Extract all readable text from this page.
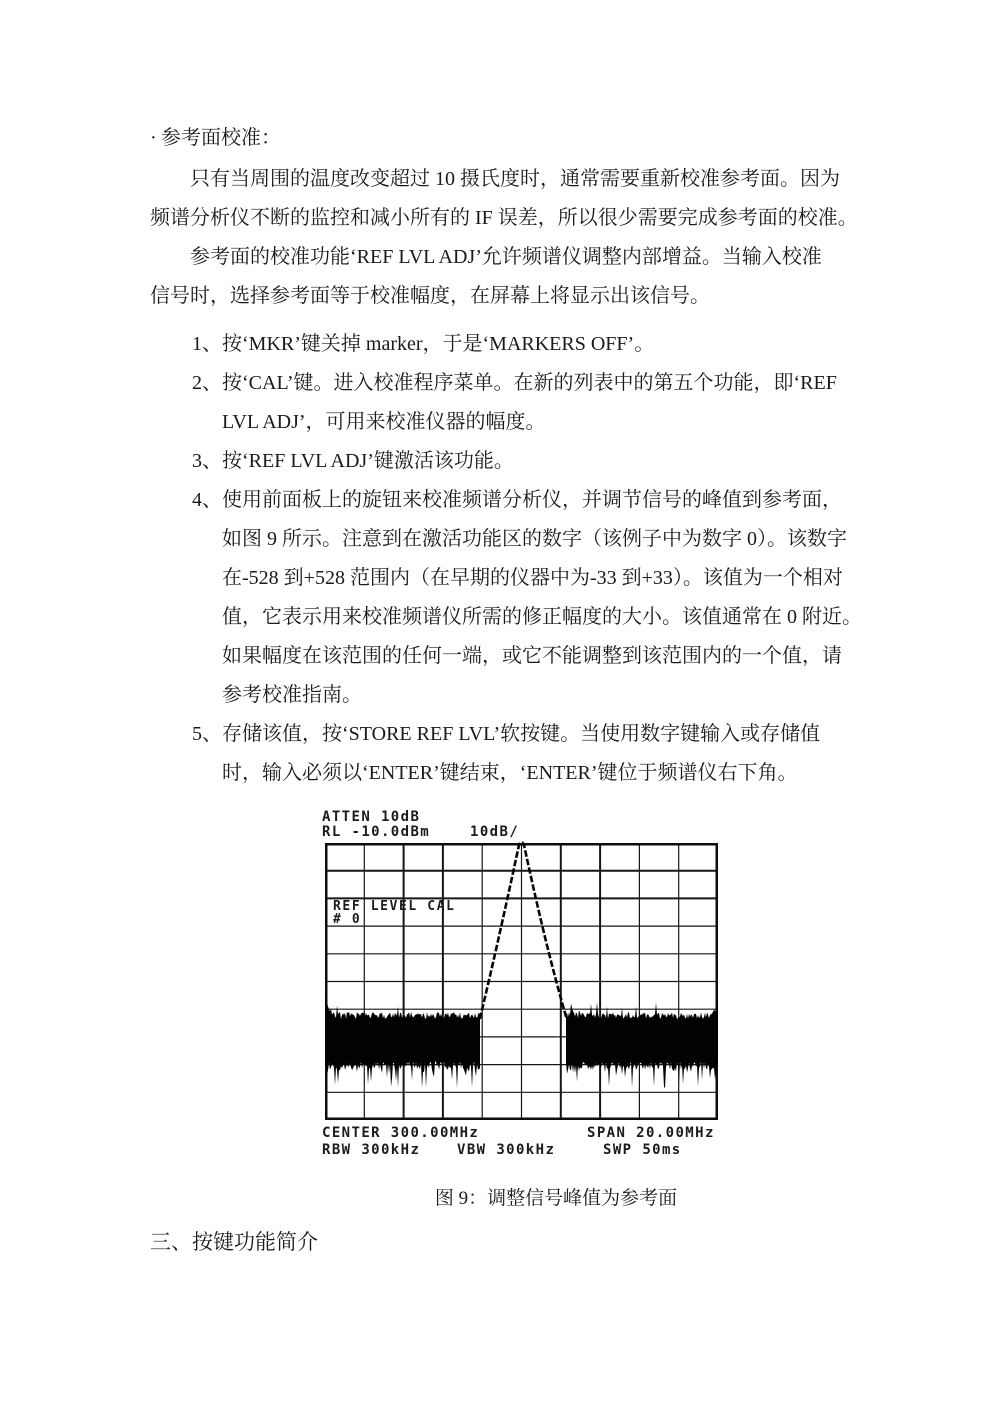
· 参考面校准：
只有当周围的温度改变超过 10 摄氏度时，通常需要重新校准参考面。因为
频谱分析仪不断的监控和减小所有的 IF 误差，所以很少需要完成参考面的校准。
参考面的校准功能‘REF LVL ADJ’允许频谱仪调整内部增益。当输入校准
信号时，选择参考面等于校准幅度，在屏幕上将显示出该信号。
1、按‘MKR’键关掉 marker，于是‘MARKERS OFF’。
2、按‘CAL’键。进入校准程序菜单。在新的列表中的第五个功能，即‘REF
LVL ADJ’，可用来校准仪器的幅度。
3、按‘REF LVL ADJ’键激活该功能。
4、使用前面板上的旋钮来校准频谱分析仪，并调节信号的峰值到参考面，
如图 9 所示。注意到在激活功能区的数字（该例子中为数字 0）。该数字
在-528 到+528 范围内（在早期的仪器中为-33 到+33）。该值为一个相对
值，它表示用来校准频谱仪所需的修正幅度的大小。该值通常在 0 附近。
如果幅度在该范围的任何一端，或它不能调整到该范围内的一个值，请
参考校准指南。
5、存储该值，按‘STORE REF LVL’软按键。当使用数字键输入或存储值
时，输入必须以‘ENTER’键结束，‘ENTER’键位于频谱仪右下角。
ATTEN 10dB
RL -10.0dBm	10dB/
REF LEVEL CAL
# 0
CENTER 300.00MHz	SPAN 20.00MHz
RBW 300kHz	VBW 300kHz	SWP 50ms
图 9：调整信号峰值为参考面
三、按键功能简介
